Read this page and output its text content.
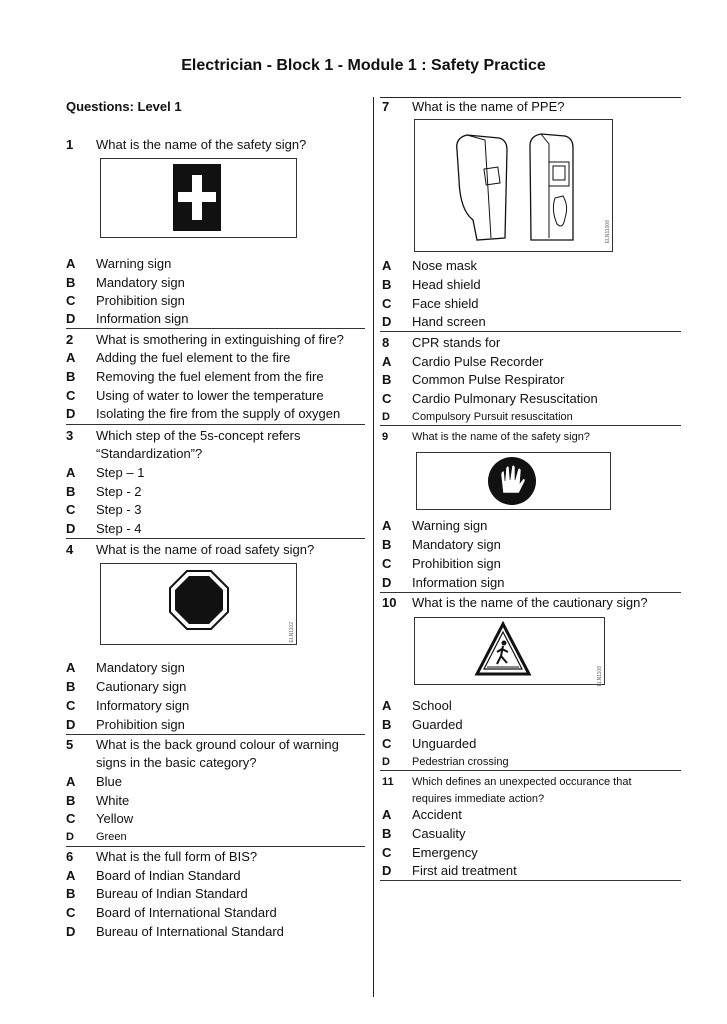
Electrician - Block 1 - Module 1 : Safety Practice
Questions: Level 1
1 What is the name of the safety sign?
A Warning sign
B Mandatory sign
C Prohibition sign
D Information sign
2 What is smothering in extinguishing of fire?
A Adding the fuel element to the fire
B Removing the fuel element from the fire
C Using of water to lower the temperature
D Isolating the fire from the supply of oxygen
3 Which step of the 5s-concept refers
“Standardization”?
A Step – 1
B Step - 2
C Step - 3
D Step - 4
4 What is the name of road safety sign?
ELN1102
A Mandatory sign
B Cautionary sign
C Informatory sign
D Prohibition sign
5 What is the back ground colour of warning
signs in the basic category?
A Blue
B White
C Yellow
D Green
6 What is the full form of BIS?
A Board of Indian Standard
B Bureau of Indian Standard
C Board of International Standard
D Bureau of International Standard
7 What is the name of PPE?
ELN11008
A Nose mask
B Head shield
C Face shield
D Hand screen
8 CPR stands for
A Cardio Pulse Recorder
B Common Pulse Respirator
C Cardio Pulmonary Resuscitation
D Compulsory Pursuit resuscitation
9 What is the name of the safety sign?
A Warning sign
B Mandatory sign
C Prohibition sign
D Information sign
10 What is the name of the cautionary sign?
ELN1108
A School
B Guarded
C Unguarded
D Pedestrian crossing
11 Which defines an unexpected occurance that
requires immediate action?
A Accident
B Casuality
C Emergency
D First aid treatment
